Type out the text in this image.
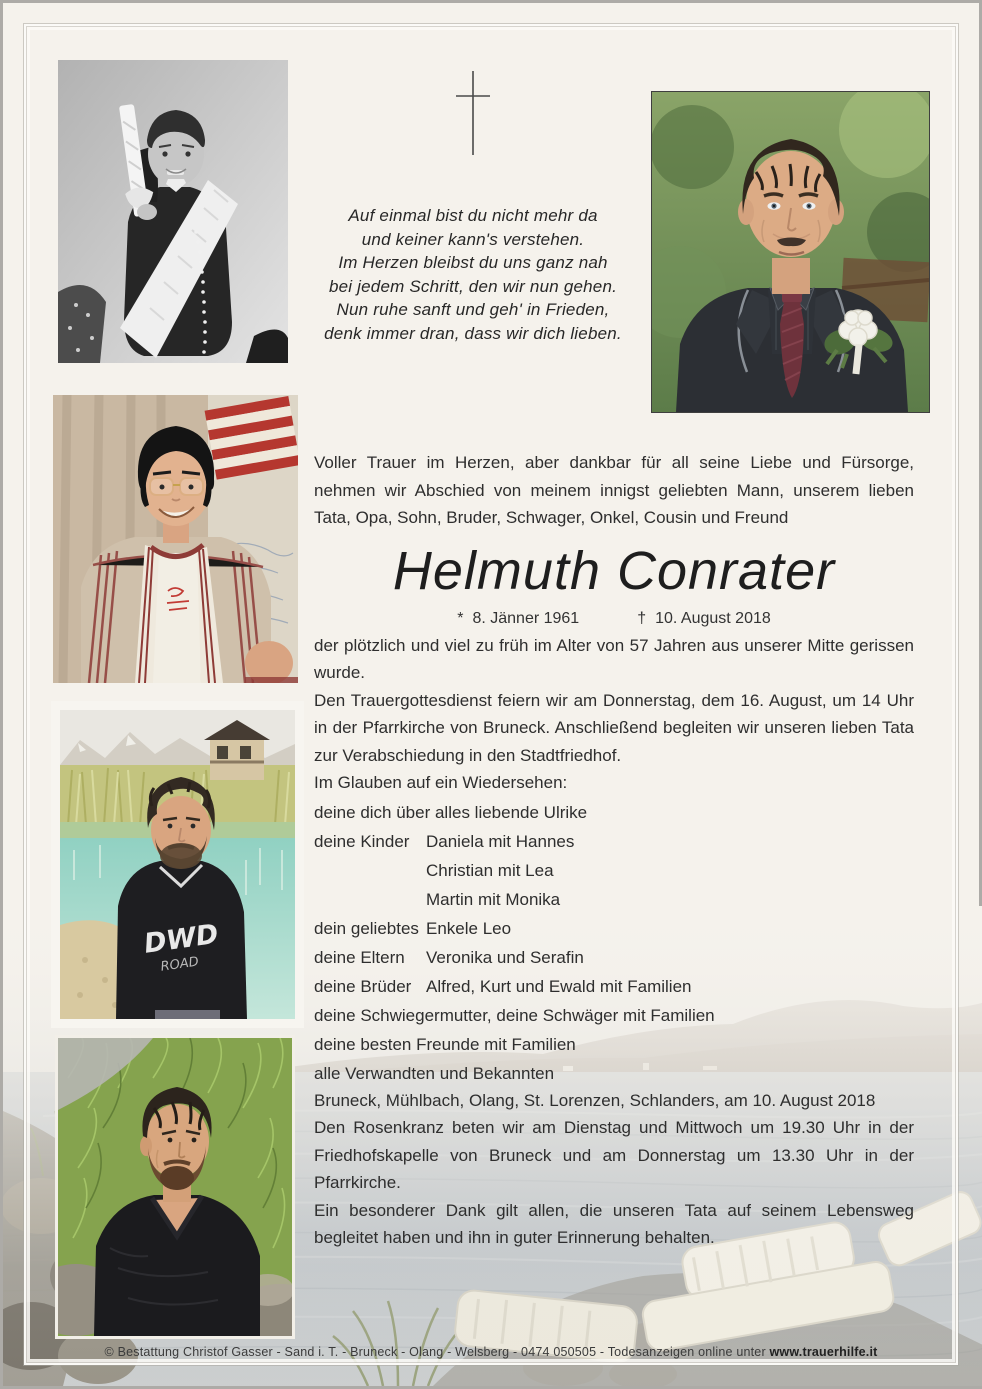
Auf einmal bist du nicht mehr da
und keiner kann's verstehen.
Im Herzen bleibst du uns ganz nah
bei jedem Schritt, den wir nun gehen.
Nun ruhe sanft und geh' in Frieden,
denk immer dran, dass wir dich lieben.
DWD
ROAD

Voller Trauer im Herzen, aber dankbar für all seine Liebe und Fürsorge, nehmen wir Abschied von meinem innigst geliebten Mann, unserem lieben Tata, Opa, Sohn, Bruder, Schwager, Onkel, Cousin und Freund

Helmuth Conrater
* 8. Jänner 1961	† 10. August 2018

der plötzlich und viel zu früh im Alter von 57 Jahren aus unserer Mitte gerissen wurde.

Den Trauergottesdienst feiern wir am Donnerstag, dem 16. August, um 14 Uhr in der Pfarrkirche von Bruneck. Anschließend begleiten wir unseren lieben Tata zur Verabschiedung in den Stadtfriedhof.

Im Glauben auf ein Wiedersehen:

deine dich über alles liebende Ulrike
deine Kinder Daniela mit Hannes
Christian mit Lea
Martin mit Monika
dein geliebtes Enkele Leo
deine Eltern Veronika und Serafin
deine Brüder Alfred, Kurt und Ewald mit Familien
deine Schwiegermutter, deine Schwäger mit Familien
deine besten Freunde mit Familien
alle Verwandten und Bekannten

Bruneck, Mühlbach, Olang, St. Lorenzen, Schlanders, am 10. August 2018

Den Rosenkranz beten wir am Dienstag und Mittwoch um 19.30 Uhr in der Friedhofskapelle von Bruneck und am Donnerstag um 13.30 Uhr in der Pfarrkirche.

Ein besonderer Dank gilt allen, die unseren Tata auf seinem Lebensweg begleitet haben und ihn in guter Erinnerung behalten.

© Bestattung Christof Gasser - Sand i. T. - Bruneck - Olang - Welsberg - 0474 050505 - Todesanzeigen online unter www.trauerhilfe.it
